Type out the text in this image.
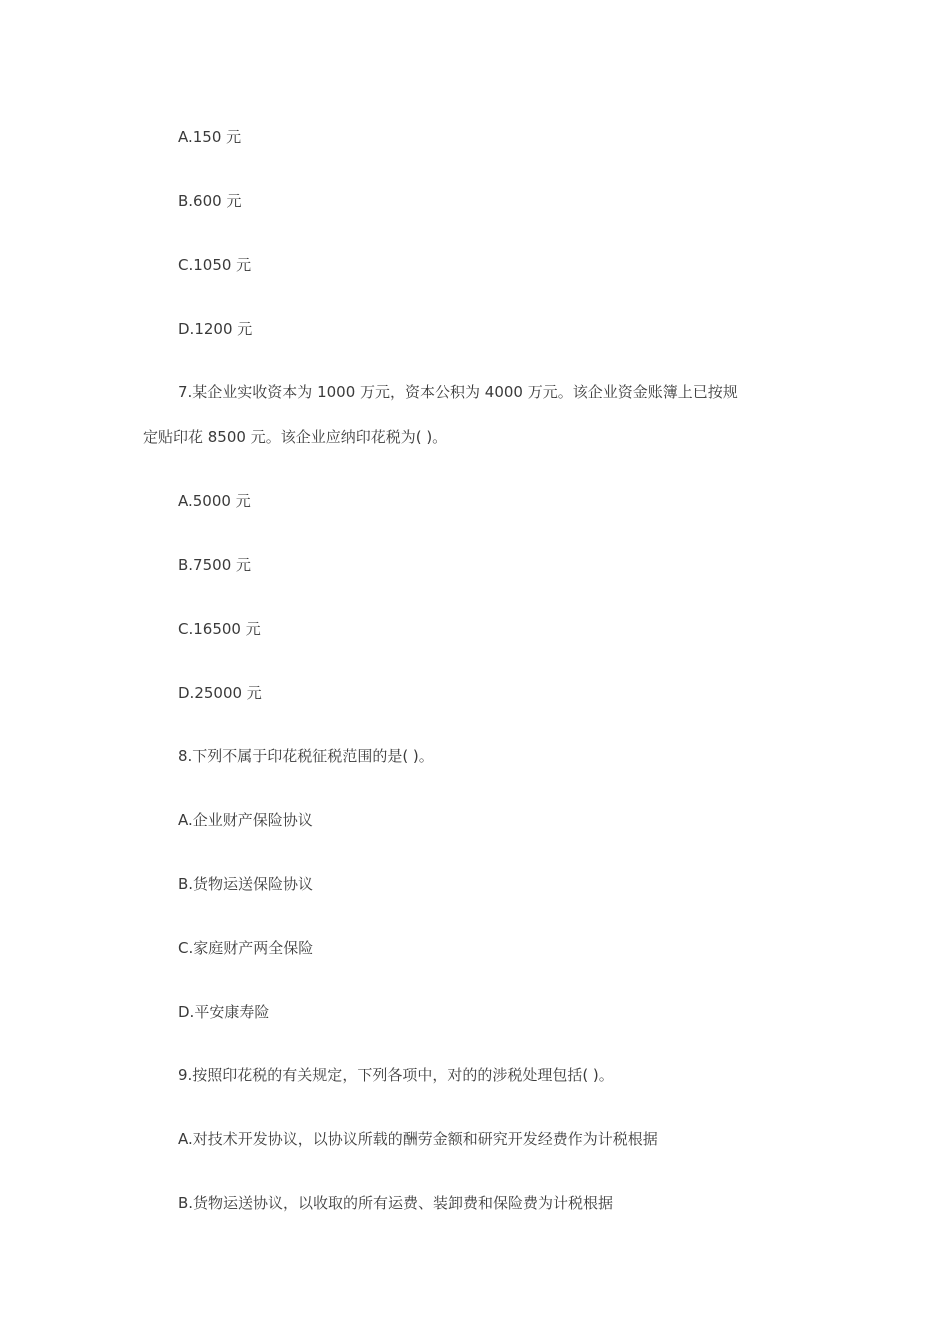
A.150 元
B.600 元
C.1050 元
D.1200 元
7.某企业实收资本为 1000 万元，资本公积为 4000 万元。该企业资金账簿上已按规
定贴印花 8500 元。该企业应纳印花税为( )。
A.5000 元
B.7500 元
C.16500 元
D.25000 元
8.下列不属于印花税征税范围的是( )。
A.企业财产保险协议
B.货物运送保险协议
C.家庭财产两全保险
D.平安康寿险
9.按照印花税的有关规定，下列各项中，对的的涉税处理包括( )。
A.对技术开发协议，以协议所载的酬劳金额和研究开发经费作为计税根据
B.货物运送协议，以收取的所有运费、装卸费和保险费为计税根据
